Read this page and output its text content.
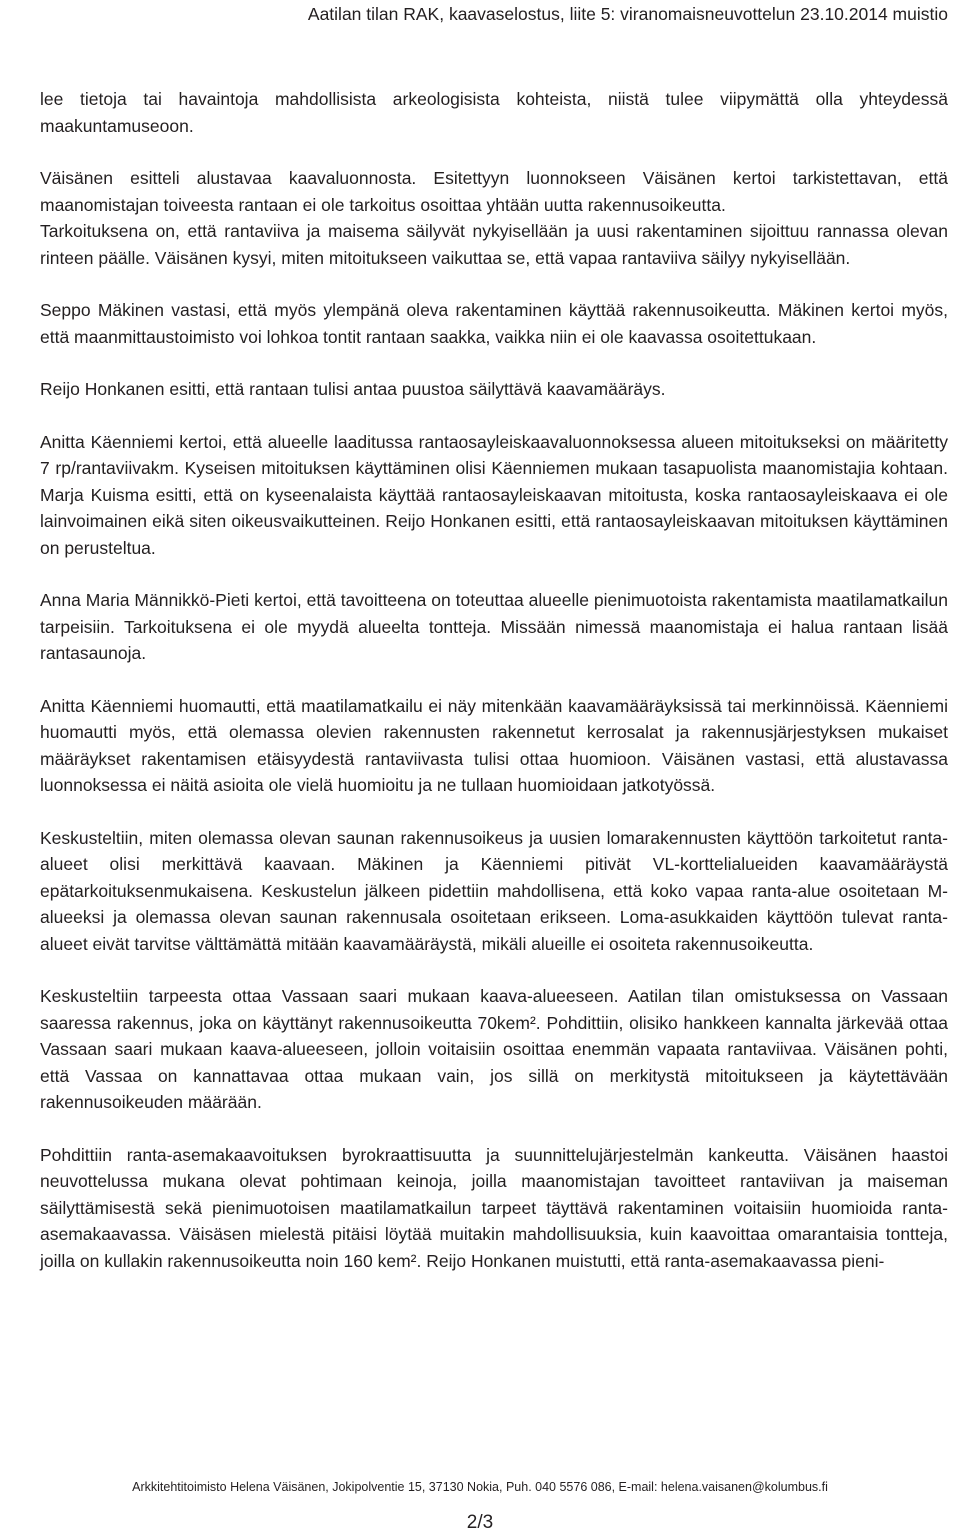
Aatilan tilan RAK, kaavaselostus, liite 5: viranomaisneuvottelun 23.10.2014 muistio

lee tietoja tai havaintoja mahdollisista arkeologisista kohteista, niistä tulee viipymättä olla yhteydessä maakuntamuseoon.

Väisänen esitteli alustavaa kaavaluonnosta. Esitettyyn luonnokseen Väisänen kertoi tarkistettavan, että maanomistajan toiveesta rantaan ei ole tarkoitus osoittaa yhtään uutta rakennusoikeutta.

Tarkoituksena on, että rantaviiva ja maisema säilyvät nykyisellään ja uusi rakentaminen sijoittuu rannassa olevan rinteen päälle. Väisänen kysyi, miten mitoitukseen vaikuttaa se, että vapaa rantaviiva säilyy nykyisellään.

Seppo Mäkinen vastasi, että myös ylempänä oleva rakentaminen käyttää rakennusoikeutta. Mäkinen kertoi myös, että maanmittaustoimisto voi lohkoa tontit rantaan saakka, vaikka niin ei ole kaavassa osoitettukaan.

Reijo Honkanen esitti, että rantaan tulisi antaa puustoa säilyttävä kaavamääräys.

Anitta Käenniemi kertoi, että alueelle laaditussa rantaosayleiskaavaluonnoksessa alueen mitoitukseksi on määritetty 7 rp/rantaviivakm. Kyseisen mitoituksen käyttäminen olisi Käenniemen mukaan tasapuolista maanomistajia kohtaan. Marja Kuisma esitti, että on kyseenalaista käyttää rantaosayleiskaavan mitoitusta, koska rantaosayleiskaava ei ole lainvoimainen eikä siten oikeusvaikutteinen. Reijo Honkanen esitti, että rantaosayleiskaavan mitoituksen käyttäminen on perusteltua.

Anna Maria Männikkö-Pieti kertoi, että tavoitteena on toteuttaa alueelle pienimuotoista rakentamista maatilamatkailun tarpeisiin. Tarkoituksena ei ole myydä alueelta tontteja. Missään nimessä maanomistaja ei halua rantaan lisää rantasaunoja.

Anitta Käenniemi huomautti, että maatilamatkailu ei näy mitenkään kaavamääräyksissä tai merkinnöissä. Käenniemi huomautti myös, että olemassa olevien rakennusten rakennetut kerrosalat ja rakennusjärjestyksen mukaiset määräykset rakentamisen etäisyydestä rantaviivasta tulisi ottaa huomioon. Väisänen vastasi, että alustavassa luonnoksessa ei näitä asioita ole vielä huomioitu ja ne tullaan huomioidaan jatkotyössä.

Keskusteltiin, miten olemassa olevan saunan rakennusoikeus ja uusien lomarakennusten käyttöön tarkoitetut ranta-alueet olisi merkittävä kaavaan. Mäkinen ja Käenniemi pitivät VL-korttelialueiden kaavamääräystä epätarkoituksenmukaisena. Keskustelun jälkeen pidettiin mahdollisena, että koko vapaa ranta-alue osoitetaan M-alueeksi ja olemassa olevan saunan rakennusala osoitetaan erikseen. Loma-asukkaiden käyttöön tulevat ranta-alueet eivät tarvitse välttämättä mitään kaavamääräystä, mikäli alueille ei osoiteta rakennusoikeutta.

Keskusteltiin tarpeesta ottaa Vassaan saari mukaan kaava-alueeseen. Aatilan tilan omistuksessa on Vassaan saaressa rakennus, joka on käyttänyt rakennusoikeutta 70kem². Pohdittiin, olisiko hankkeen kannalta järkevää ottaa Vassaan saari mukaan kaava-alueeseen, jolloin voitaisiin osoittaa enemmän vapaata rantaviivaa. Väisänen pohti, että Vassaa on kannattavaa ottaa mukaan vain, jos sillä on merkitystä mitoitukseen ja käytettävään rakennusoikeuden määrään.

Pohdittiin ranta-asemakaavoituksen byrokraattisuutta ja suunnittelujärjestelmän kankeutta. Väisänen haastoi neuvottelussa mukana olevat pohtimaan keinoja, joilla maanomistajan tavoitteet rantaviivan ja maiseman säilyttämisestä sekä pienimuotoisen maatilamatkailun tarpeet täyttävä rakentaminen voitaisiin huomioida ranta-asemakaavassa. Väisäsen mielestä pitäisi löytää muitakin mahdollisuuksia, kuin kaavoittaa omarantaisia tontteja, joilla on kullakin rakennusoikeutta noin 160 kem². Reijo Honkanen muistutti, että ranta-asemakaavassa pieni-

Arkkitehtitoimisto Helena Väisänen, Jokipolventie 15, 37130 Nokia, Puh. 040 5576 086, E-mail: helena.vaisanen@kolumbus.fi
2/3
